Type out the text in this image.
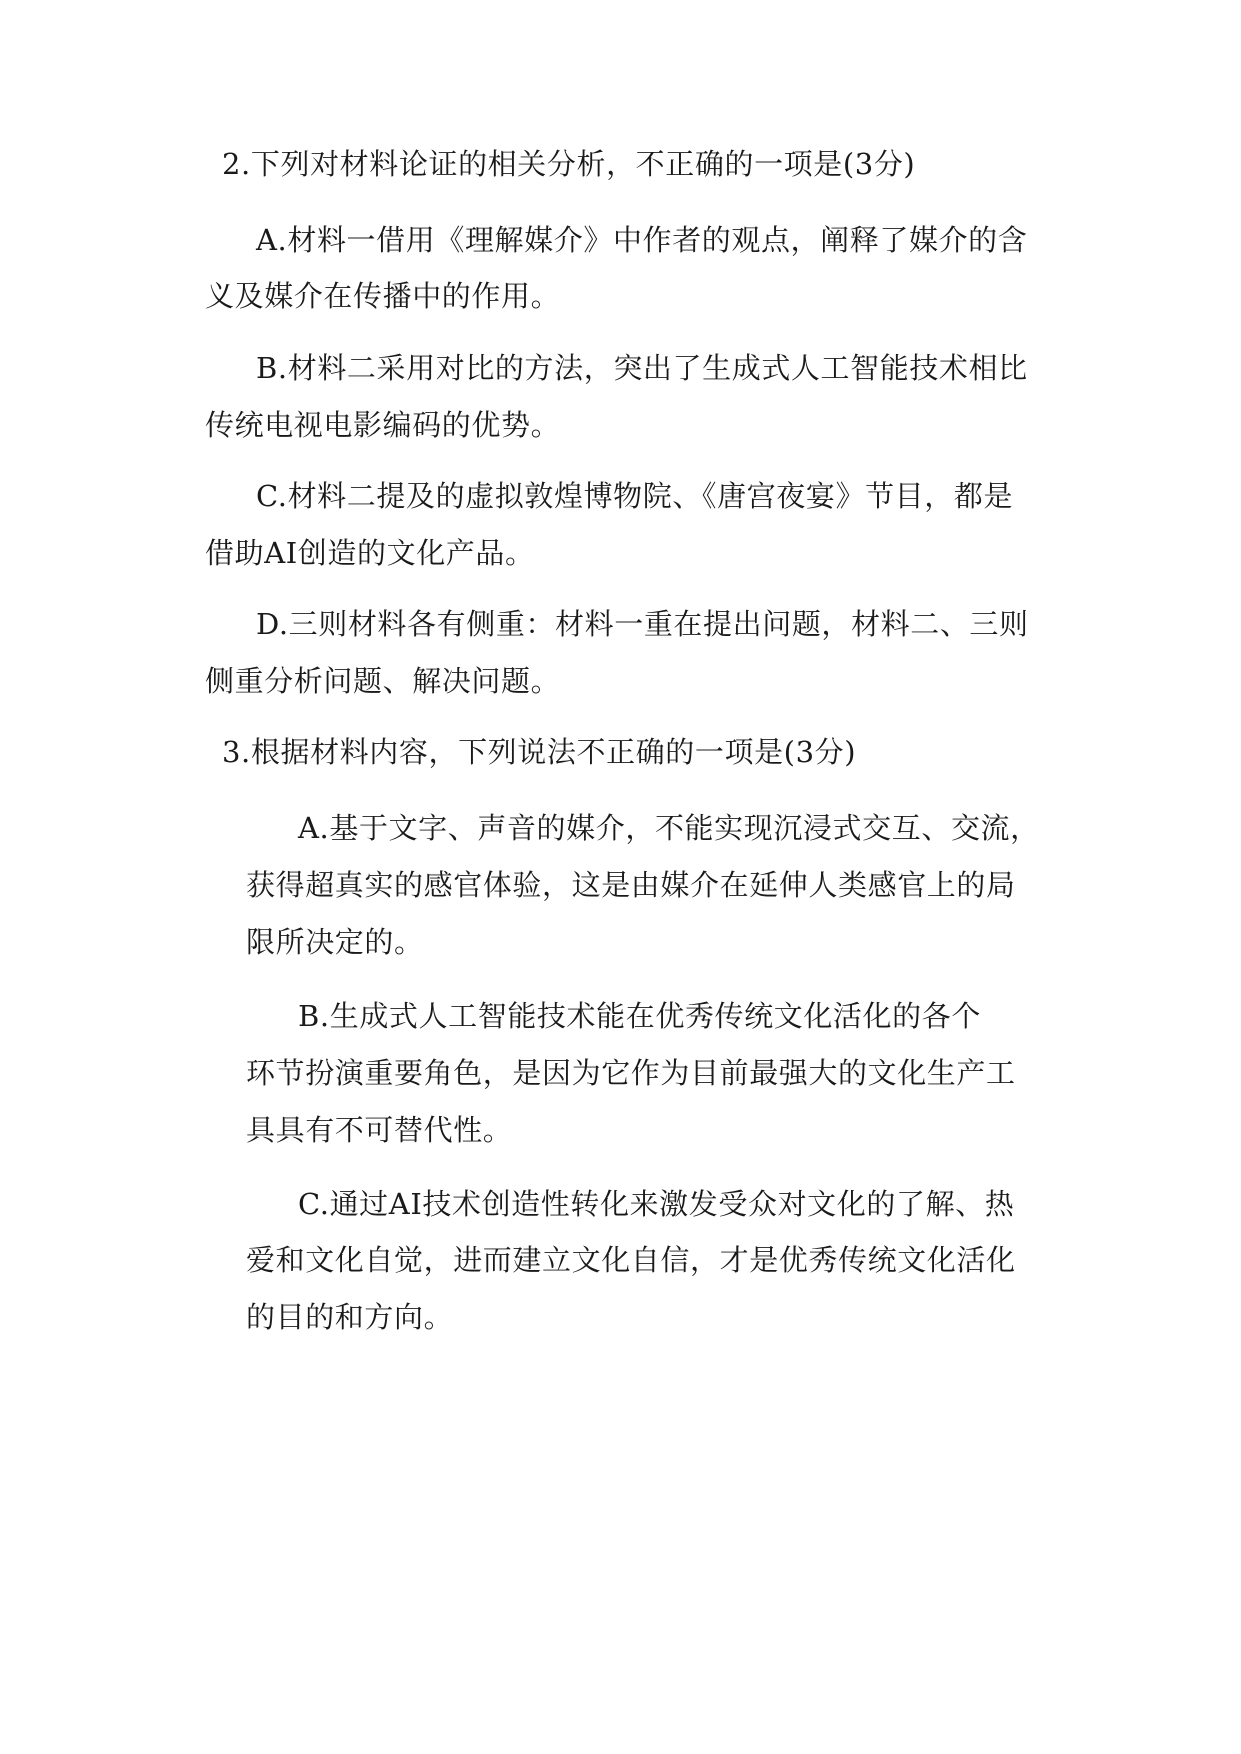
2.下列对材料论证的相关分析，不正确的一项是(3分)
A.材料一借用《理解媒介》中作者的观点，阐释了媒介的含
义及媒介在传播中的作用。
B.材料二采用对比的方法，突出了生成式人工智能技术相比
传统电视电影编码的优势。
C.材料二提及的虚拟敦煌博物院、《唐宫夜宴》节目，都是
借助AI创造的文化产品。
D.三则材料各有侧重：材料一重在提出问题，材料二、三则
侧重分析问题、解决问题。
3.根据材料内容，下列说法不正确的一项是(3分)
A.基于文字、声音的媒介，不能实现沉浸式交互、交流，
获得超真实的感官体验，这是由媒介在延伸人类感官上的局
限所决定的。
B.生成式人工智能技术能在优秀传统文化活化的各个
环节扮演重要角色，是因为它作为目前最强大的文化生产工
具具有不可替代性。
C.通过AI技术创造性转化来激发受众对文化的了解、热
爱和文化自觉，进而建立文化自信，才是优秀传统文化活化
的目的和方向。
